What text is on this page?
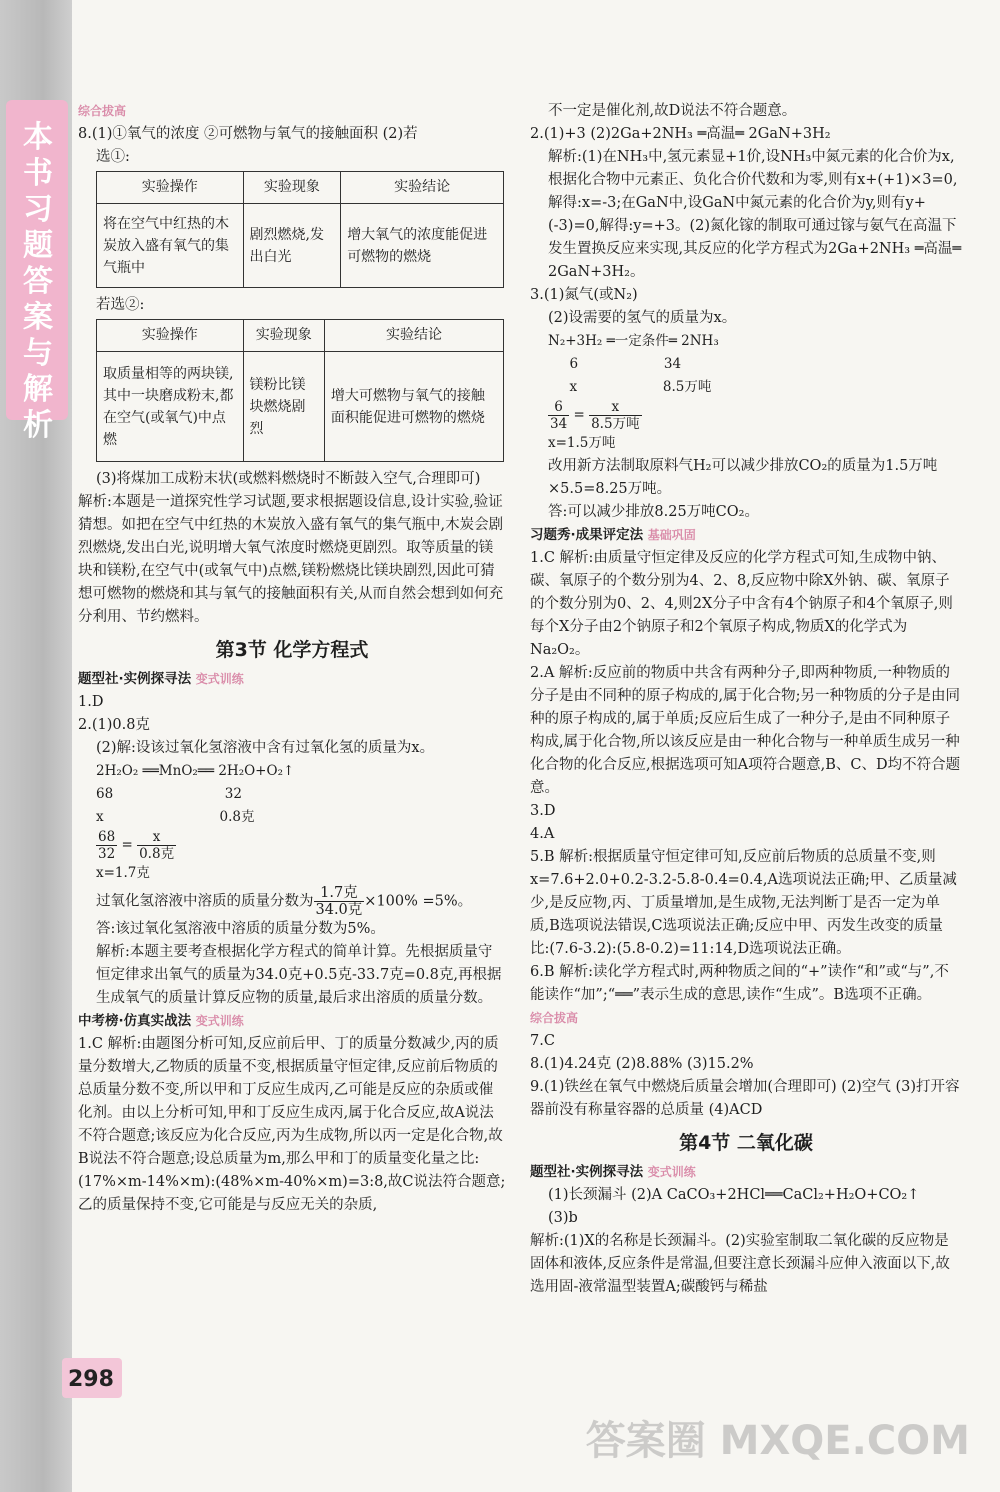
本书习题答案与解析

综合拔高

8.(1)①氧气的浓度 ②可燃物与氧气的接触面积 (2)若

选①:

实验操作	实验现象	实验结论
将在空气中红热的木炭放入盛有氧气的集气瓶中	剧烈燃烧,发出白光	增大氧气的浓度能促进可燃物的燃烧

若选②:

实验操作	实验现象	实验结论
取质量相等的两块镁,其中一块磨成粉末,都在空气(或氧气)中点燃	镁粉比镁块燃烧剧烈	增大可燃物与氧气的接触面积能促进可燃物的燃烧

(3)将煤加工成粉末状(或燃料燃烧时不断鼓入空气,合理即可)

解析:本题是一道探究性学习试题,要求根据题设信息,设计实验,验证猜想。如把在空气中红热的木炭放入盛有氧气的集气瓶中,木炭会剧烈燃烧,发出白光,说明增大氧气浓度时燃烧更剧烈。取等质量的镁块和镁粉,在空气中(或氧气中)点燃,镁粉燃烧比镁块剧烈,因此可猜想可燃物的燃烧和其与氧气的接触面积有关,从而自然会想到如何充分利用、节约燃料。

第3节 化学方程式

题型社·实例探寻法 变式训练

1.D

2.(1)0.8克

(2)解:设该过氧化氢溶液中含有过氧化氢的质量为x。

2H₂O₂ ══MnO₂══ 2H₂O+O₂↑

68                          32

x                           0.8克

$\frac{68}{32} = \frac{x}{\text{0.8克}}$

x=1.7克

过氧化氢溶液中溶质的质量分数为 $\frac{\text{1.7克}}{\text{34.0克}} \times 100\% =5\%$。

答:该过氧化氢溶液中溶质的质量分数为5%。

解析:本题主要考查根据化学方程式的简单计算。先根据质量守恒定律求出氧气的质量为34.0克+0.5克-33.7克=0.8克,再根据生成氧气的质量计算反应物的质量,最后求出溶质的质量分数。

中考榜·仿真实战法 变式训练

1.C 解析:由题图分析可知,反应前后甲、丁的质量分数减少,丙的质量分数增大,乙物质的质量不变,根据质量守恒定律,反应前后物质的总质量分数不变,所以甲和丁反应生成丙,乙可能是反应的杂质或催化剂。由以上分析可知,甲和丁反应生成丙,属于化合反应,故A说法不符合题意;该反应为化合反应,丙为生成物,所以丙一定是化合物,故B说法不符合题意;设总质量为m,那么甲和丁的质量变化量之比:(17%×m-14%×m):(48%×m-40%×m)=3:8,故C说法符合题意;乙的质量保持不变,它可能是与反应无关的杂质,

不一定是催化剂,故D说法不符合题意。

2.(1)+3 (2)2Ga+2NH₃ ═高温═ 2GaN+3H₂

解析:(1)在NH₃中,氢元素显+1价,设NH₃中氮元素的化合价为x,根据化合物中元素正、负化合价代数和为零,则有x+(+1)×3=0,解得:x=-3;在GaN中,设GaN中氮元素的化合价为y,则有y+(-3)=0,解得:y=+3。(2)氮化镓的制取可通过镓与氨气在高温下发生置换反应来实现,其反应的化学方程式为2Ga+2NH₃ ═高温═ 2GaN+3H₂。

3.(1)氮气(或N₂)

(2)设需要的氢气的质量为x。

N₂+3H₂ ═一定条件═ 2NH₃

6                    34

x                    8.5万吨

$\frac{6}{34} = \frac{x}{\text{8.5万吨}}$

x=1.5万吨

改用新方法制取原料气H₂可以减少排放CO₂的质量为1.5万吨×5.5=8.25万吨。

答:可以减少排放8.25万吨CO₂。

习题秀·成果评定法 基础巩固

1.C 解析:由质量守恒定律及反应的化学方程式可知,生成物中钠、碳、氧原子的个数分别为4、2、8,反应物中除X外钠、碳、氧原子的个数分别为0、2、4,则2X分子中含有4个钠原子和4个氧原子,则每个X分子由2个钠原子和2个氧原子构成,物质X的化学式为Na₂O₂。

2.A 解析:反应前的物质中共含有两种分子,即两种物质,一种物质的分子是由不同种的原子构成的,属于化合物;另一种物质的分子是由同种的原子构成的,属于单质;反应后生成了一种分子,是由不同种原子构成,属于化合物,所以该反应是由一种化合物与一种单质生成另一种化合物的化合反应,根据选项可知A项符合题意,B、C、D均不符合题意。

3.D

4.A

5.B 解析:根据质量守恒定律可知,反应前后物质的总质量不变,则x=7.6+2.0+0.2-3.2-5.8-0.4=0.4,A选项说法正确;甲、乙质量减少,是反应物,丙、丁质量增加,是生成物,无法判断丁是否一定为单质,B选项说法错误,C选项说法正确;反应中甲、丙发生改变的质量比:(7.6-3.2):(5.8-0.2)=11:14,D选项说法正确。

6.B 解析:读化学方程式时,两种物质之间的“+”读作“和”或“与”,不能读作“加”;“══”表示生成的意思,读作“生成”。B选项不正确。

综合拔高

7.C

8.(1)4.24克 (2)8.88% (3)15.2%

9.(1)铁丝在氧气中燃烧后质量会增加(合理即可) (2)空气 (3)打开容器前没有称量容器的总质量 (4)ACD

第4节 二氧化碳

题型社·实例探寻法 变式训练

(1)长颈漏斗 (2)A CaCO₃+2HCl══CaCl₂+H₂O+CO₂↑

(3)b

解析:(1)X的名称是长颈漏斗。(2)实验室制取二氧化碳的反应物是固体和液体,反应条件是常温,但要注意长颈漏斗应伸入液面以下,故选用固-液常温型装置A;碳酸钙与稀盐

298
答案圈 MXQE.COM
